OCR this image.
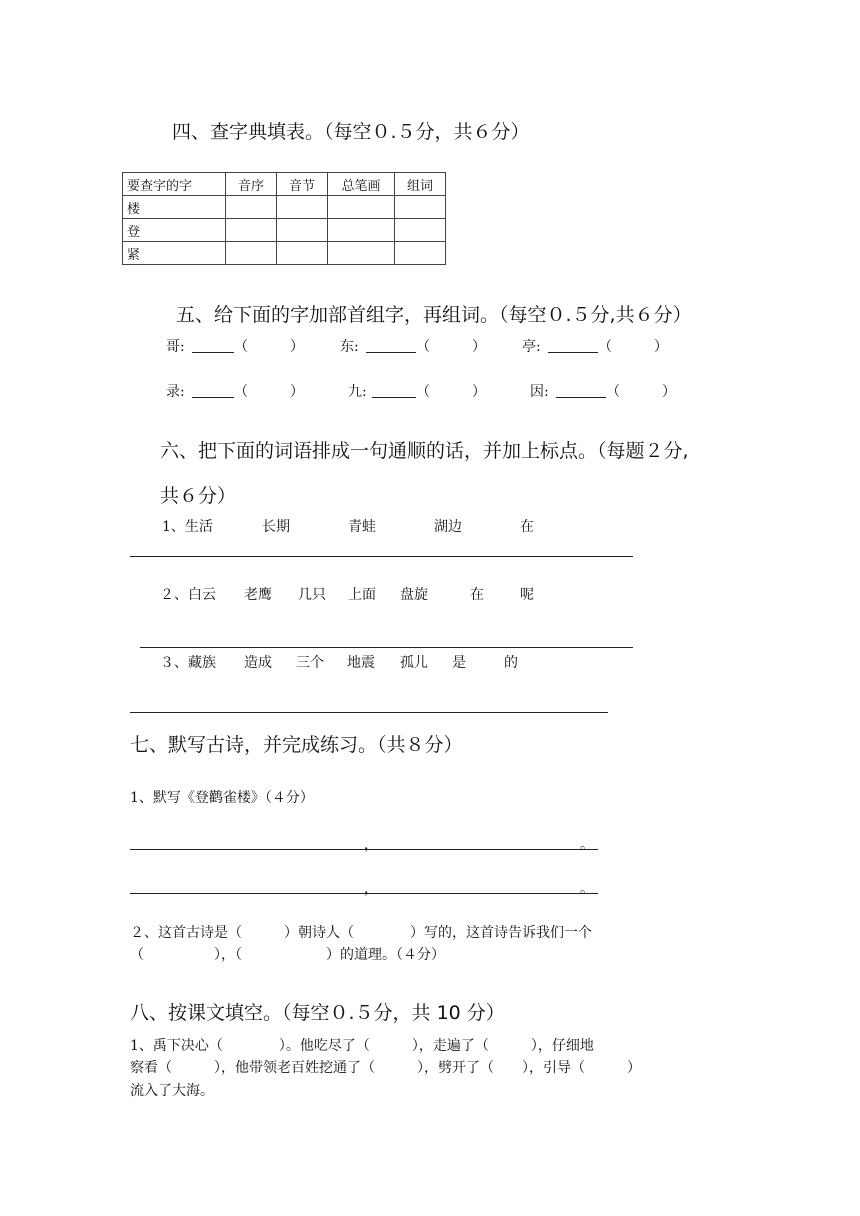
四、查字典填表。（每空０.５分，共６分）
要查字的字	音序	音节	总笔画	组词
楼				
登				
紧				
五、给下面的字加部首组字，再组词。（每空０.５分,共６分）
哥:	（　　　）	东:	（　　　）	亭:	（　　　）
录:	（　　　）	九:	（　　　）	因:	（　　　）
六、把下面的词语排成一句通顺的话，并加上标点。（每题２分,
共６分）
1、生活	长期	青蛙	湖边	在
２、白云 老鹰 几只 上面 盘旋	在	呢
３、藏族 造成 三个 地震 孤儿 是	的
七、默写古诗，并完成练习。（共８分）
1、默写《登鹳雀楼》（４分）
，	。
，	。
２、这首古诗是（　　　）朝诗人（　　　　）写的，这首诗告诉我们一个
（　　　　　），（　　　　　　）的道理。（４分）
八、按课文填空。（每空０.５分，共 10 分）
1、禹下决心（　　　　）。他吃尽了（　　　），走遍了（　　　），仔细地
察看（　　　），他带领老百姓挖通了（　　　），劈开了（　　），引导（　　　）
流入了大海。
